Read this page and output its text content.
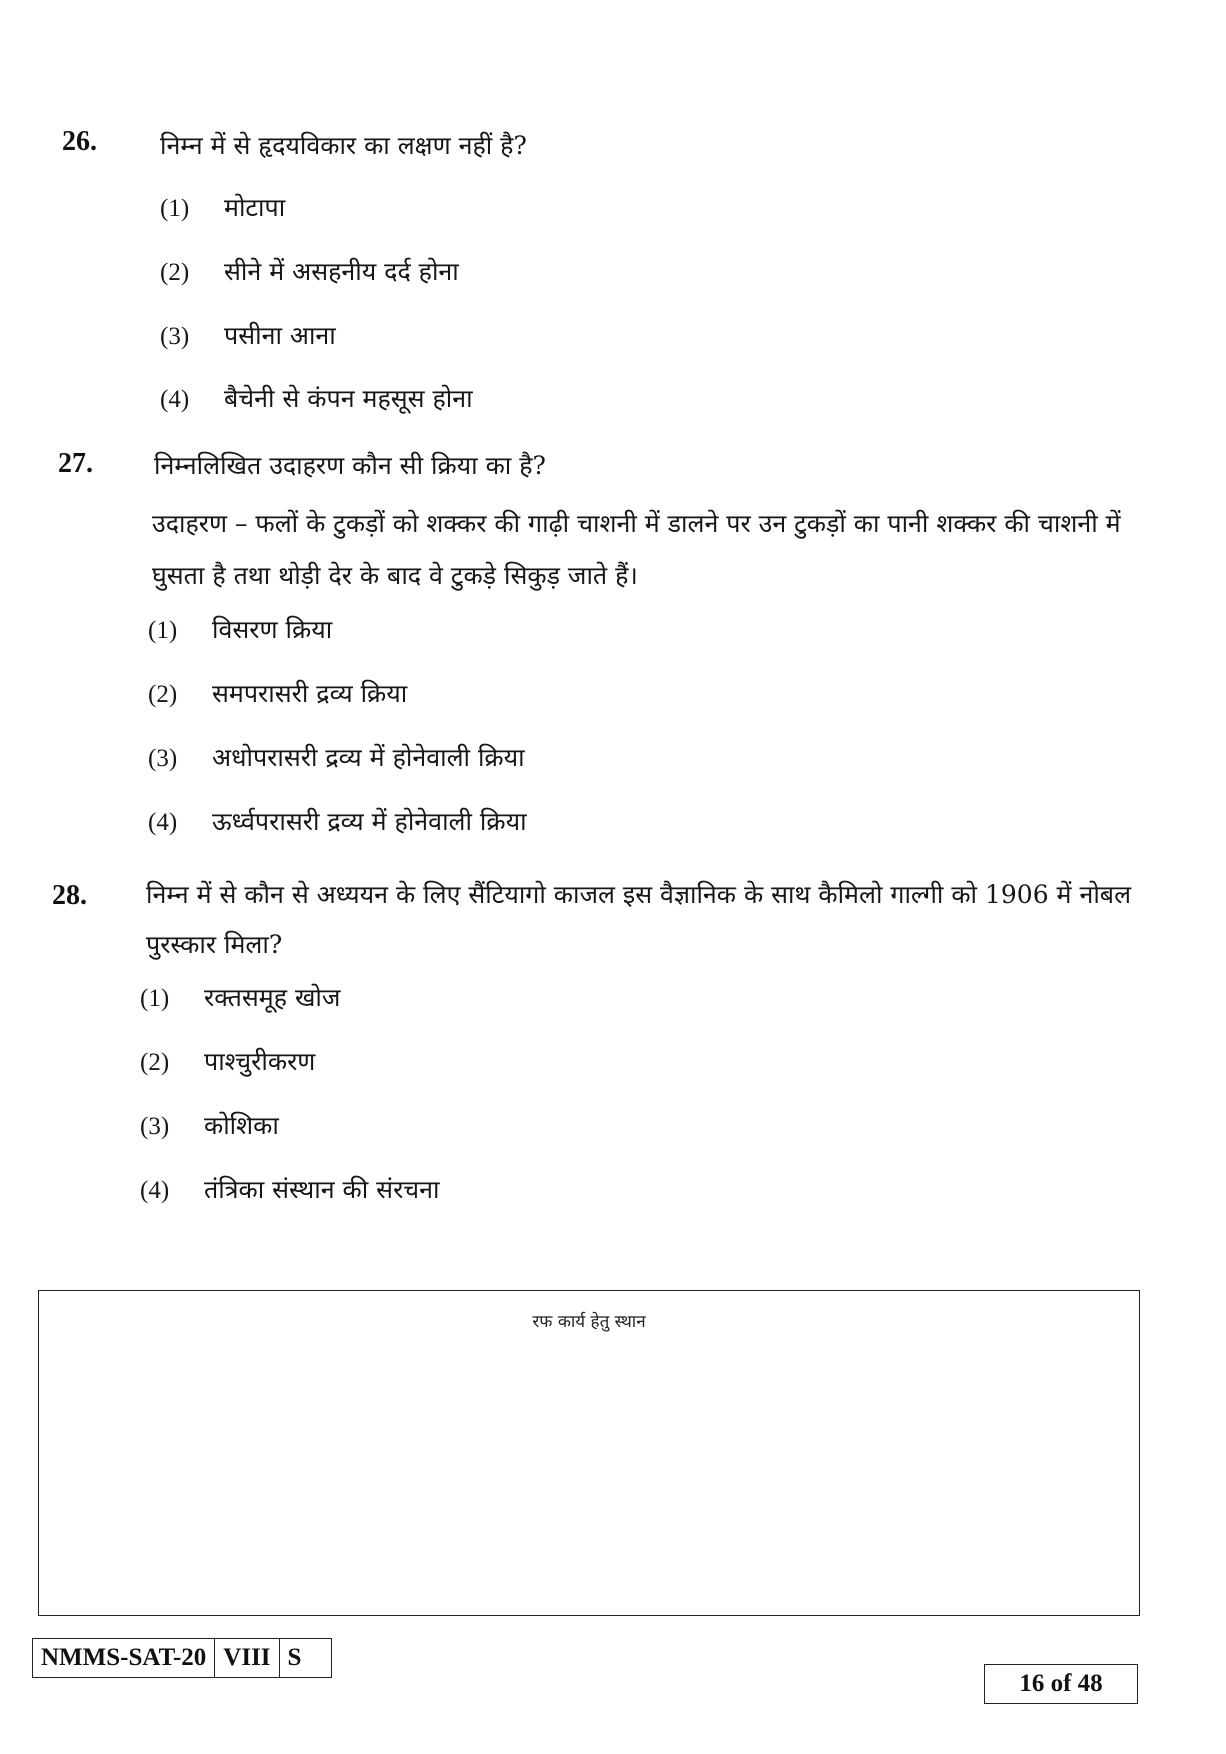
26.	निम्न में से हृदयविकार का लक्षण नहीं है?
(1) मोटापा
(2) सीने में असहनीय दर्द होना
(3) पसीना आना
(4) बैचेनी से कंपन महसूस होना
27. निम्नलिखित उदाहरण कौन सी क्रिया का है?
उदाहरण – फलों के टुकड़ों को शक्कर की गाढ़ी चाशनी में डालने पर उन टुकड़ों का पानी शक्कर की चाशनी में घुसता है तथा थोड़ी देर के बाद वे टुकड़े सिकुड़ जाते हैं।
(1) विसरण क्रिया
(2) समपरासरी द्रव्य क्रिया
(3) अधोपरासरी द्रव्य में होनेवाली क्रिया
(4) ऊर्ध्वपरासरी द्रव्य में होनेवाली क्रिया
28. निम्न में से कौन से अध्ययन के लिए सैंटियागो काजल इस वैज्ञानिक के साथ कैमिलो गाल्गी को 1906 में नोबल पुरस्कार मिला?
(1) रक्तसमूह खोज
(2) पाश्चुरीकरण
(3) कोशिका
(4) तंत्रिका संस्थान की संरचना
रफ कार्य हेतु स्थान
NMMS-SAT-20 VIII S
16 of 48
